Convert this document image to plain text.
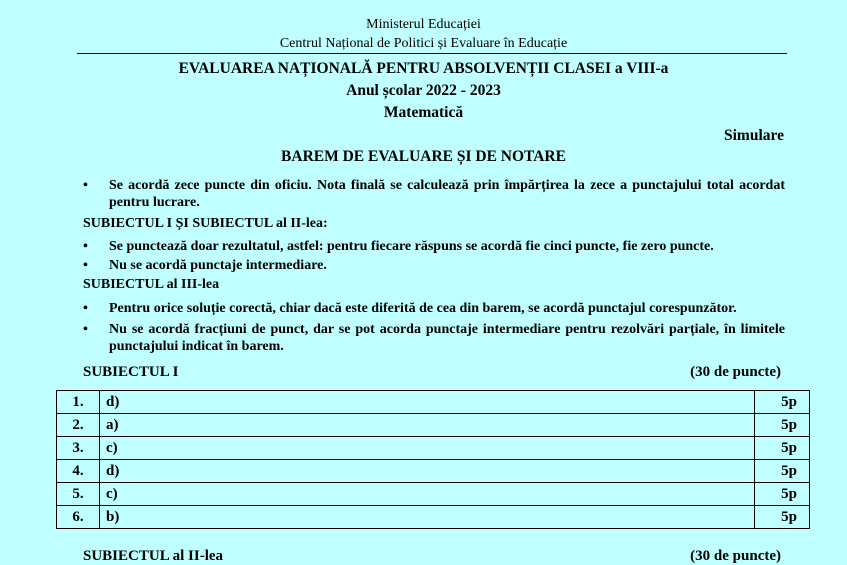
Ministerul Educației
Centrul Național de Politici și Evaluare în Educație
EVALUAREA NAȚIONALĂ PENTRU ABSOLVENȚII CLASEI a VIII-a
Anul școlar 2022 - 2023
Matematică
Simulare
BAREM DE EVALUARE ȘI DE NOTARE
• Se acordă zece puncte din oficiu. Nota finală se calculează prin împărțirea la zece a punctajului total acordat pentru lucrare.
SUBIECTUL I ȘI SUBIECTUL al II-lea:
• Se punctează doar rezultatul, astfel: pentru fiecare răspuns se acordă fie cinci puncte, fie zero puncte.
• Nu se acordă punctaje intermediare.
SUBIECTUL al III-lea
• Pentru orice soluție corectă, chiar dacă este diferită de cea din barem, se acordă punctajul corespunzător.
• Nu se acordă fracțiuni de punct, dar se pot acorda punctaje intermediare pentru rezolvări parțiale, în limitele punctajului indicat în barem.
SUBIECTUL I	(30 de puncte)
1.	d)	5p
2.	a)	5p
3.	c)	5p
4.	d)	5p
5.	c)	5p
6.	b)	5p
SUBIECTUL al II-lea	(30 de puncte)
